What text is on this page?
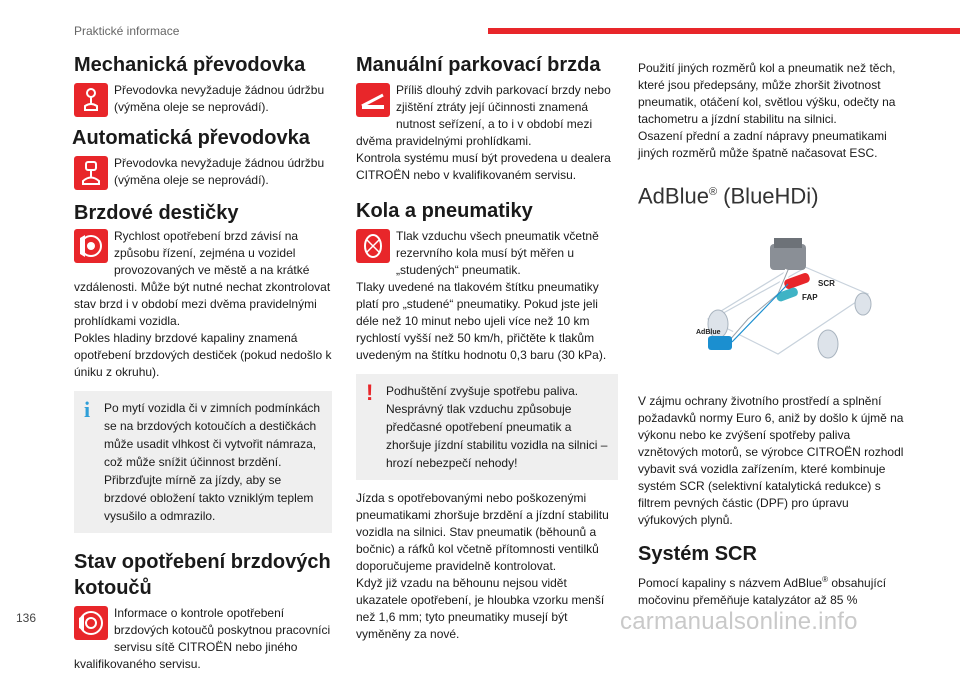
Praktické informace
Mechanická převodovka
Převodovka nevyžaduje žádnou údržbu (výměna oleje se neprovádí).
Automatická převodovka
Převodovka nevyžaduje žádnou údržbu (výměna oleje se neprovádí).
Brzdové destičky
Rychlost opotřebení brzd závisí na způsobu řízení, zejména u vozidel provozovaných ve městě a na krátké vzdálenosti. Může být nutné nechat zkontrolovat stav brzd i v období mezi dvěma pravidelnými prohlídkami vozidla.
Pokles hladiny brzdové kapaliny znamená opotřebení brzdových destiček (pokud nedošlo k úniku z okruhu).
i Po mytí vozidla či v zimních podmínkách se na brzdových kotoučích a destičkách může usadit vlhkost či vytvořit námraza, což může snížit účinnost brzdění. Přibrzďujte mírně za jízdy, aby se brzdové obložení takto vzniklým teplem vysušilo a odmrazilo.
Stav opotřebení brzdových kotoučů
Informace o kontrole opotřebení brzdových kotoučů poskytnou pracovníci servisu sítě CITROËN nebo jiného kvalifikovaného servisu.
Manuální parkovací brzda
Příliš dlouhý zdvih parkovací brzdy nebo zjištění ztráty její účinnosti znamená nutnost seřízení, a to i v období mezi dvěma pravidelnými prohlídkami.
Kontrola systému musí být provedena u dealera CITROËN nebo v kvalifikovaném servisu.
Kola a pneumatiky
Tlak vzduchu všech pneumatik včetně rezervního kola musí být měřen u „studených“ pneumatik.
Tlaky uvedené na tlakovém štítku pneumatiky platí pro „studené“ pneumatiky. Pokud jste jeli déle než 10 minut nebo ujeli více než 10 km rychlostí vyšší než 50 km/h, přičtěte k tlakům uvedeným na štítku hodnotu 0,3 baru (30 kPa).
! Podhuštění zvyšuje spotřebu paliva. Nesprávný tlak vzduchu způsobuje předčasné opotřebení pneumatik a zhoršuje jízdní stabilitu vozidla na silnici – hrozí nebezpečí nehody!
Jízda s opotřebovanými nebo poškozenými pneumatikami zhoršuje brzdění a jízdní stabilitu vozidla na silnici. Stav pneumatik (běhounů a bočnic) a ráfků kol včetně přítomnosti ventilků doporučujeme pravidelně kontrolovat.
Když již vzadu na běhounu nejsou vidět ukazatele opotřebení, je hloubka vzorku menší než 1,6 mm; tyto pneumatiky musejí být vyměněny za nové.
Použití jiných rozměrů kol a pneumatik než těch, které jsou předepsány, může zhoršit životnost pneumatik, otáčení kol, světlou výšku, odečty na tachometru a jízdní stabilitu na silnici.
Osazení přední a zadní nápravy pneumatikami jiných rozměrů může špatně načasovat ESC.
AdBlue® (BlueHDi)
SCR
FAP
AdBlue
V zájmu ochrany životního prostředí a splnění požadavků normy Euro 6, aniž by došlo k újmě na výkonu nebo ke zvýšení spotřeby paliva vznětových motorů, se výrobce CITROËN rozhodl vybavit svá vozidla zařízením, které kombinuje systém SCR (selektivní katalytická redukce) s filtrem pevných částic (DPF) pro úpravu výfukových plynů.
Systém SCR
Pomocí kapaliny s názvem AdBlue® obsahující močovinu přeměňuje katalyzátor až 85 %
136	carmanualsonline.info
